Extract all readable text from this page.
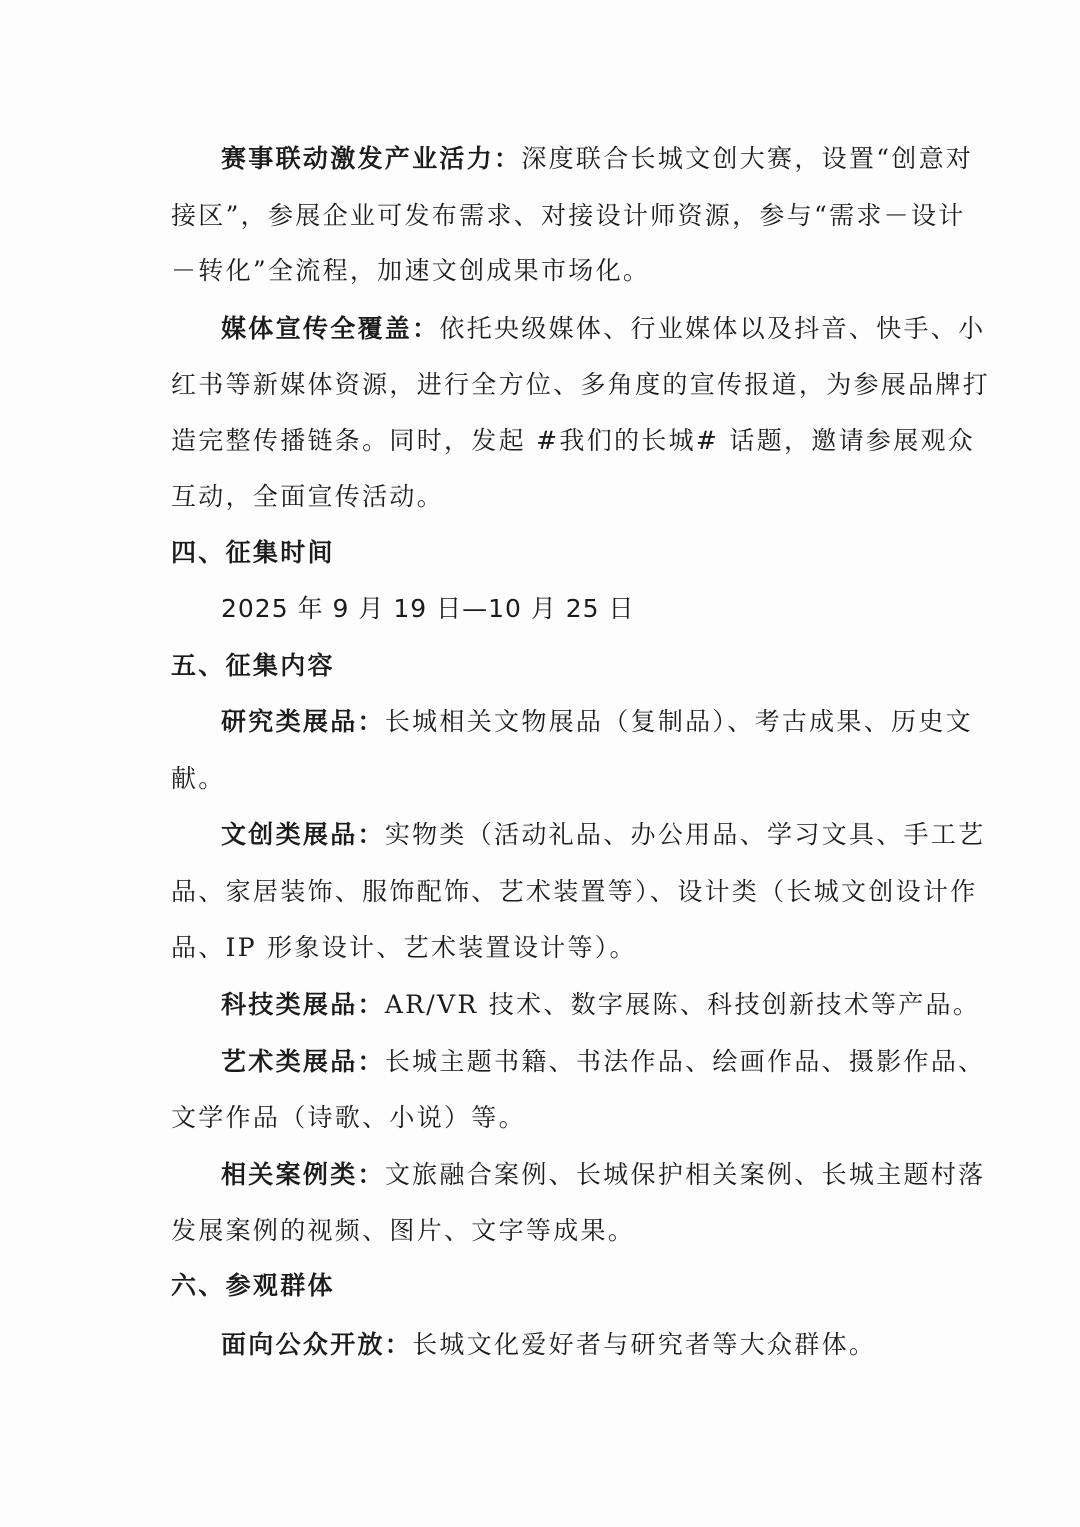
赛事联动激发产业活力：深度联合长城文创大赛，设置“创意对
接区”，参展企业可发布需求、对接设计师资源，参与“需求－设计
－转化”全流程，加速文创成果市场化。
媒体宣传全覆盖：依托央级媒体、行业媒体以及抖音、快手、小
红书等新媒体资源，进行全方位、多角度的宣传报道，为参展品牌打
造完整传播链条。同时，发起 #我们的长城# 话题，邀请参展观众
互动，全面宣传活动。
四、征集时间
2025 年 9 月 19 日—10 月 25 日
五、征集内容
研究类展品：长城相关文物展品（复制品）、考古成果、历史文
献。
文创类展品：实物类（活动礼品、办公用品、学习文具、手工艺
品、家居装饰、服饰配饰、艺术装置等）、设计类（长城文创设计作
品、IP 形象设计、艺术装置设计等）。
科技类展品：AR/VR 技术、数字展陈、科技创新技术等产品。
艺术类展品：长城主题书籍、书法作品、绘画作品、摄影作品、
文学作品（诗歌、小说）等。
相关案例类：文旅融合案例、长城保护相关案例、长城主题村落
发展案例的视频、图片、文字等成果。
六、参观群体
面向公众开放：长城文化爱好者与研究者等大众群体。
